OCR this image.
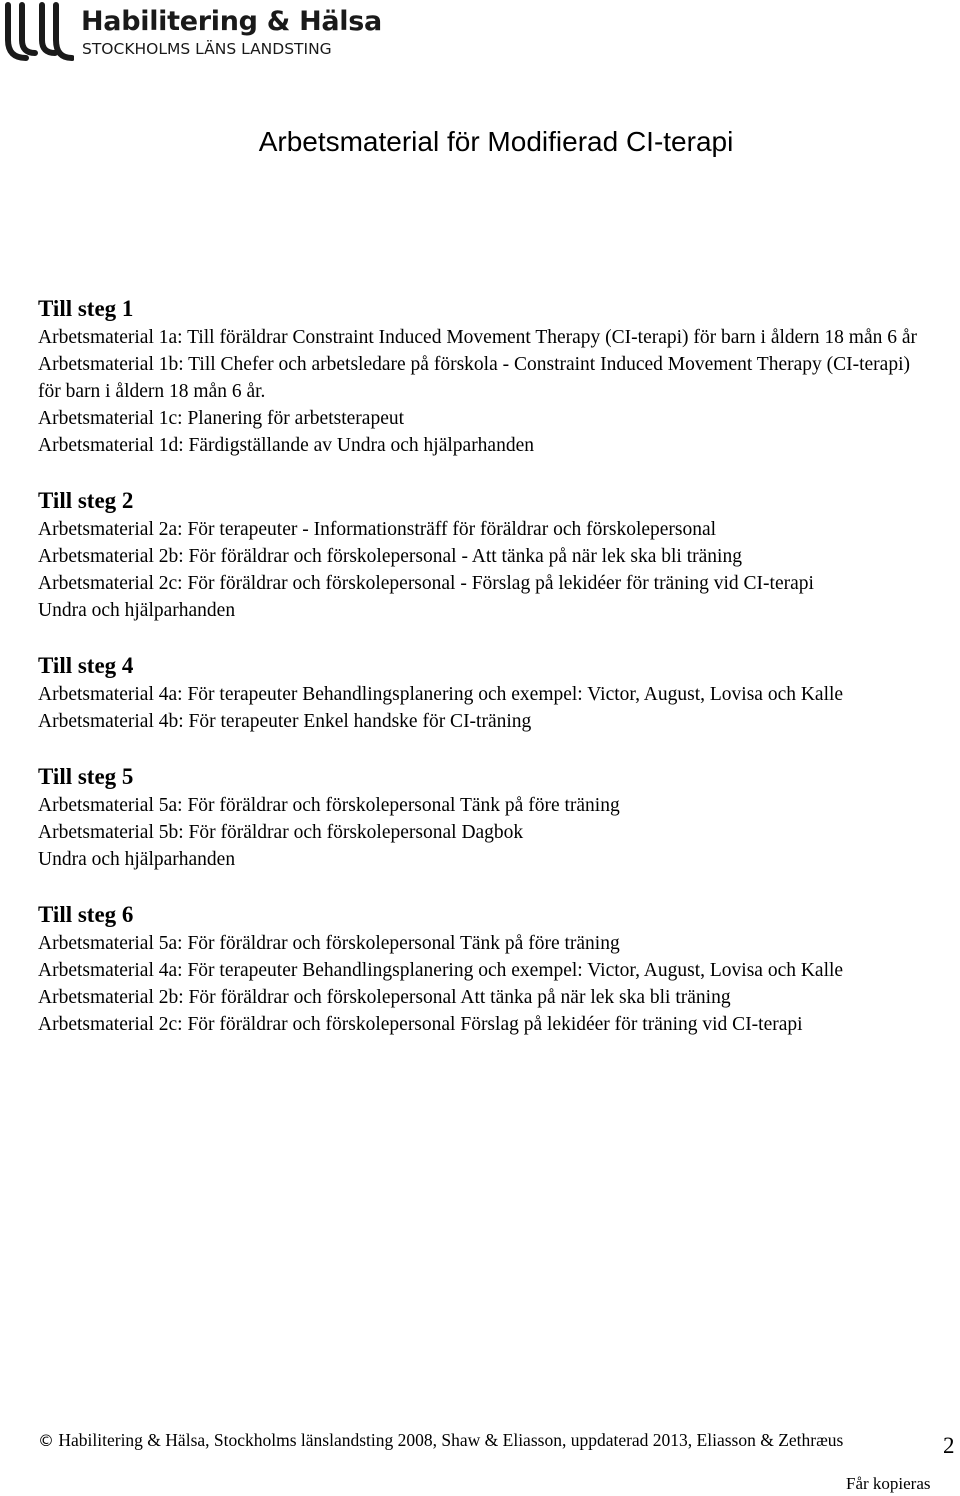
Habilitering & Hälsa
STOCKHOLMS LÄNS LANDSTING
Arbetsmaterial för Modifierad CI-terapi
Till steg 1
Arbetsmaterial 1a: Till föräldrar Constraint Induced Movement Therapy (CI-terapi) för barn i åldern 18 mån 6 år
Arbetsmaterial 1b: Till Chefer och arbetsledare på förskola - Constraint Induced Movement Therapy (CI-terapi) för barn i åldern 18 mån 6 år.
Arbetsmaterial 1c: Planering för arbetsterapeut
Arbetsmaterial 1d: Färdigställande av Undra och hjälparhanden
Till steg 2
Arbetsmaterial 2a: För terapeuter - Informationsträff för föräldrar och förskolepersonal
Arbetsmaterial 2b: För föräldrar och förskolepersonal - Att tänka på när lek ska bli träning
Arbetsmaterial 2c: För föräldrar och förskolepersonal - Förslag på lekidéer för träning vid CI-terapi
Undra och hjälparhanden
Till steg 4
Arbetsmaterial 4a: För terapeuter Behandlingsplanering och exempel: Victor, August, Lovisa och Kalle
Arbetsmaterial 4b: För terapeuter Enkel handske för CI-träning
Till steg 5
Arbetsmaterial 5a: För föräldrar och förskolepersonal Tänk på före träning
Arbetsmaterial 5b: För föräldrar och förskolepersonal Dagbok
Undra och hjälparhanden
Till steg 6
Arbetsmaterial 5a: För föräldrar och förskolepersonal Tänk på före träning
Arbetsmaterial 4a: För terapeuter Behandlingsplanering och exempel: Victor, August, Lovisa och Kalle
Arbetsmaterial 2b: För föräldrar och förskolepersonal Att tänka på när lek ska bli träning
Arbetsmaterial 2c: För föräldrar och förskolepersonal Förslag på lekidéer för träning vid CI-terapi
© Habilitering & Hälsa, Stockholms länslandsting 2008, Shaw & Eliasson, uppdaterad 2013, Eliasson & Zethræus	2
Får kopieras
